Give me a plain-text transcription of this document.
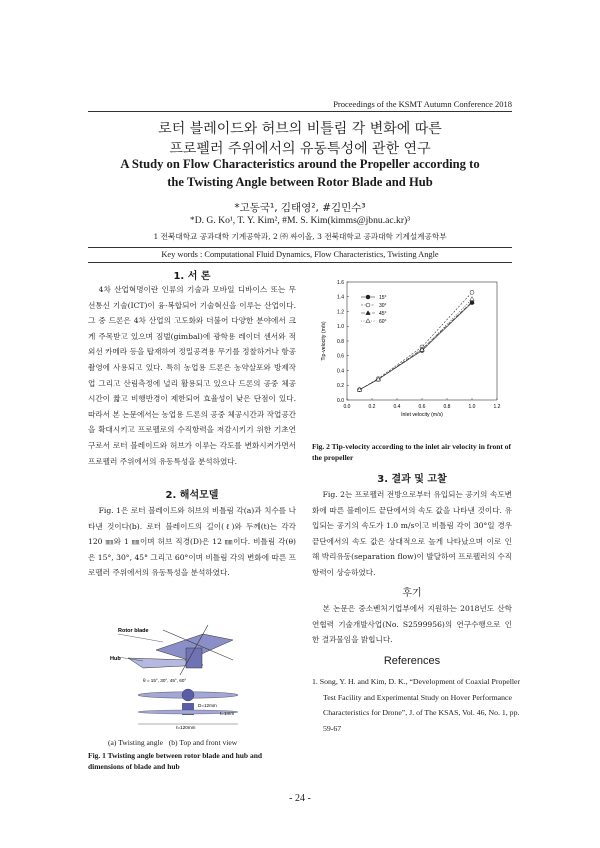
Proceedings of the KSMT Autumn Conference 2018
로터 블레이드와 허브의 비틀림 각 변화에 따른
프로펠러 주위에서의 유동특성에 관한 연구
A Study on Flow Characteristics around the Propeller according to
the Twisting Angle between Rotor Blade and Hub
*고동국¹, 김태영², #김민수³
*D. G. Ko¹, T. Y. Kim², #M. S. Kim(kimms@jbnu.ac.kr)³
1 전북대학교 공과대학 기계공학과, 2 ㈜ 싸이올, 3 전북대학교 공과대학 기계설계공학부
Key words : Computational Fluid Dynamics, Flow Characteristics, Twisting Angle
1. 서 론

4차 산업혁명이란 인류의 기술과 모바일 디바이스 또는 무선통신 기술(ICT)이 융·복합되어 기술혁신을 이루는 산업이다. 그 중 드론은 4차 산업의 고도화와 더불어 다양한 분야에서 크게 주목받고 있으며 짐벌(gimbal)에 광학용 레이더 센서와 적외선 카메라 등을 탑재하여 정밀공격용 무기를 정찰하거나 항공촬영에 사용되고 있다. 특히 농업용 드론은 농약살포와 방제작업 그리고 산림측정에 널리 활용되고 있으나 드론의 공중 체공시간이 짧고 비행반경이 제한되어 효율성이 낮은 단점이 있다. 따라서 본 논문에서는 농업용 드론의 공중 체공시간과 작업공간을 확대시키고 프로펠로의 수직항력을 저감시키기 위한 기초연구로서 로터 블레이드와 허브가 이루는 각도를 변화시켜가면서 프로펠러 주위에서의 유동특성을 분석하였다.

2. 해석모델

Fig. 1은 로터 블레이드와 허브의 비틀림 각(a)과 치수를 나타낸 것이다(b). 로터 블레이드의 길이(ℓ)와 두께(t)는 각각 120 ㎜와 1 ㎜이며 허브 직경(D)은 12 ㎜이다. 비틀림 각(θ)은 15°, 30°, 45° 그리고 60°이며 비틀림 각의 변화에 따른 프로펠러 주위에서의 유동특성을 분석하였다.

Rotor blade
Hub
θ = 15°, 30°, 45°, 60°
D=12mm
t=1mm
ℓ=120mm
(a) Twisting angle (b) Top and front view
Fig. 1 Twisting angle between rotor blade and hub and dimensions of blade and hub
0.0	0.2	0.4	0.6	0.8	1.0	1.2
0.0
0.2
0.4
0.6
0.8
1.0
1.2
1.4
1.6
Inlet velocity (m/s)
Tip-velocity (m/s)
15°
30°
45°
60°
Fig. 2 Tip-velocity according to the inlet air velocity in front of the propeller
3. 결과 및 고찰

Fig. 2는 프로펠러 전방으로부터 유입되는 공기의 속도변화에 따른 블레이드 끝단에서의 속도 값을 나타낸 것이다. 유입되는 공기의 속도가 1.0 m/s이고 비틀림 각이 30°일 경우 끝단에서의 속도 값은 상대적으로 높게 나타났으며 이로 인해 박리유동(separation flow)이 발달하여 프로펠러의 수직항력이 상승하였다.

후기

본 논문은 중소벤처기업부에서 지원하는 2018년도 산학연협력 기술개발사업(No. S2599956)의 연구수행으로 인한 결과물임을 밝힙니다.

References
1. Song, Y. H. and Kim, D. K., “Development of Coaxial Propeller Test Facility and Experimental Study on Hover Performance Characteristics for Drone”, J. of The KSAS, Vol. 46, No. 1, pp. 59-67
- 24 -
